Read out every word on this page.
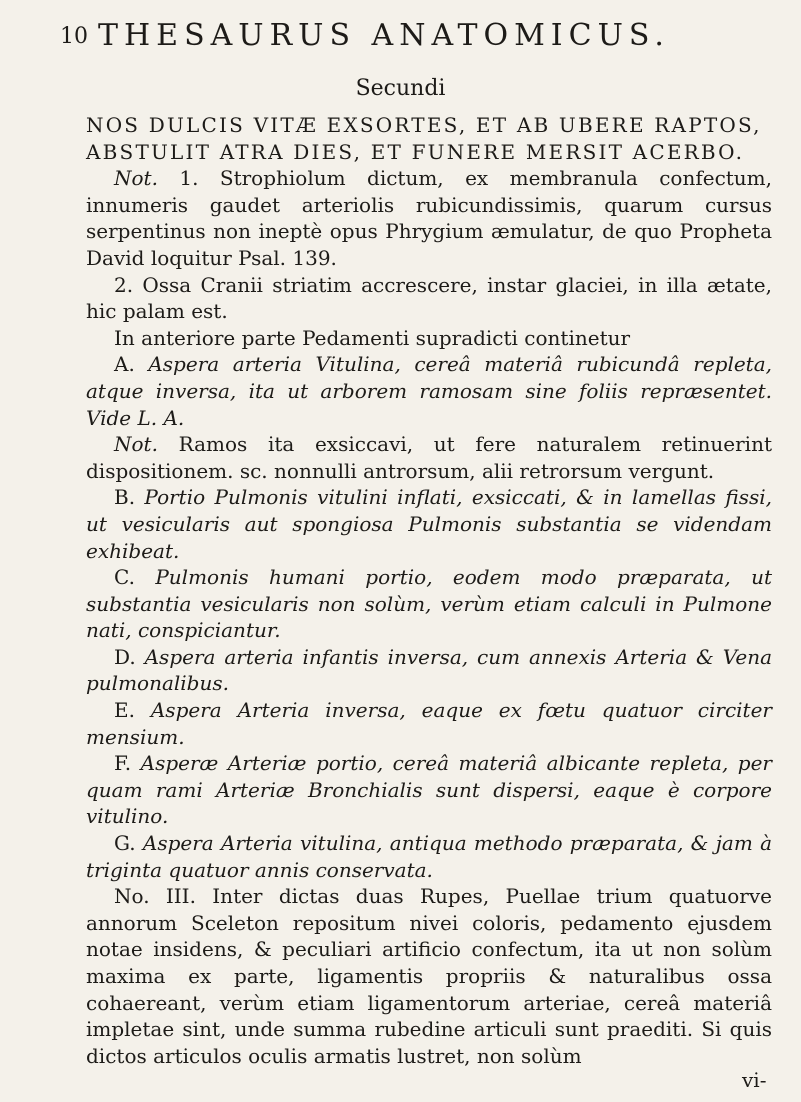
10 THESAURUS ANATOMICUS.
Secundi
NOS DULCIS VITÆ EXSORTES, ET AB UBERE RAPTOS,
ABSTULIT ATRA DIES, ET FUNERE MERSIT ACERBO.
Not. 1. Strophiolum dictum, ex membranula confectum, innumeris gaudet arteriolis rubicundissimis, quarum cursus serpentinus non ineptè opus Phrygium æmulatur, de quo Propheta David loquitur Psal. 139.
2. Ossa Cranii striatim accrescere, instar glaciei, in illa ætate, hic palam est.
In anteriore parte Pedamenti supradicti continetur
A. Aspera arteria Vitulina, cereâ materiâ rubicundâ repleta, atque inversa, ita ut arborem ramosam sine foliis repræsentet. Vide L. A.
Not. Ramos ita exsiccavi, ut fere naturalem retinuerint dispositionem. sc. nonnulli antrorsum, alii retrorsum vergunt.
B. Portio Pulmonis vitulini inflati, exsiccati, & in lamellas fissi, ut vesicularis aut spongiosa Pulmonis substantia se videndam exhibeat.
C. Pulmonis humani portio, eodem modo præparata, ut substantia vesicularis non solùm, verùm etiam calculi in Pulmone nati, conspiciantur.
D. Aspera arteria infantis inversa, cum annexis Arteria & Vena pulmonalibus.
E. Aspera Arteria inversa, eaque ex fœtu quatuor circiter mensium.
F. Asperæ Arteriæ portio, cereâ materiâ albicante repleta, per quam rami Arteriæ Bronchialis sunt dispersi, eaque è corpore vitulino.
G. Aspera Arteria vitulina, antiqua methodo præparata, & jam à triginta quatuor annis conservata.
No. III. Inter dictas duas Rupes, Puellae trium quatuorve annorum Sceleton repositum nivei coloris, pedamento ejusdem notae insidens, & peculiari artificio confectum, ita ut non solùm maxima ex parte, ligamentis propriis & naturalibus ossa cohaereant, verùm etiam ligamentorum arteriae, cereâ materiâ impletae sint, unde summa rubedine articuli sunt praediti. Si quis dictos articulos oculis armatis lustret, non solùm
vi-
